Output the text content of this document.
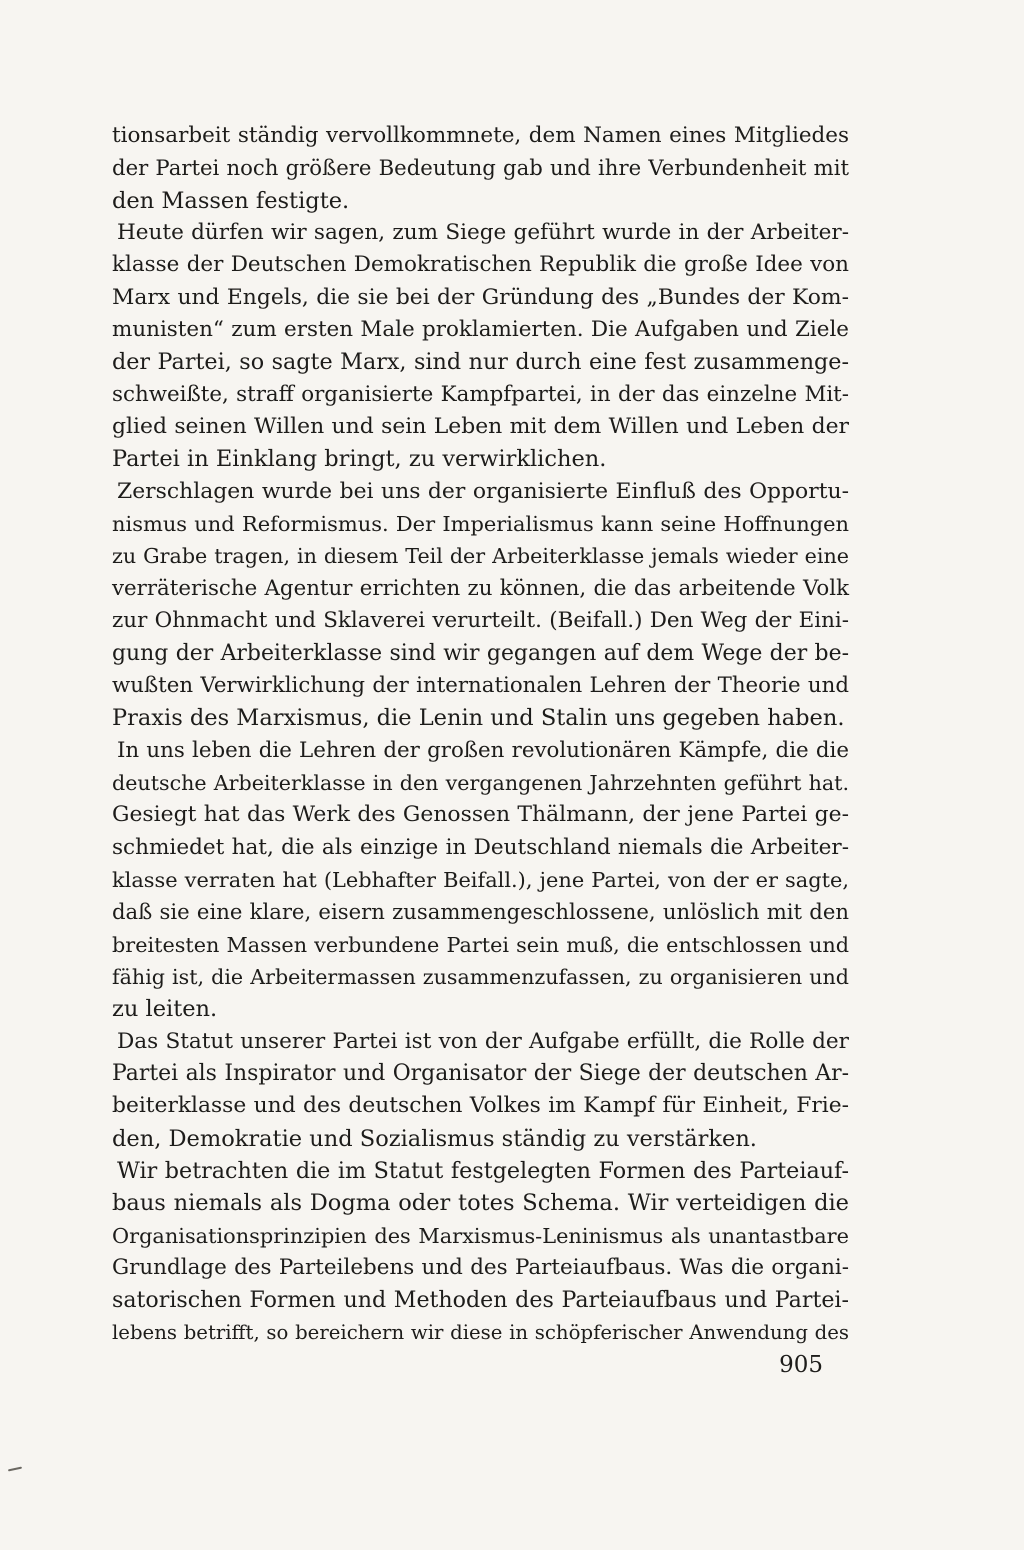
tionsarbeit ständig vervollkommnete, dem Namen eines Mitgliedes
der Partei noch größere Bedeutung gab und ihre Verbundenheit mit
den Massen festigte.
Heute dürfen wir sagen, zum Siege geführt wurde in der Arbeiter-
klasse der Deutschen Demokratischen Republik die große Idee von
Marx und Engels, die sie bei der Gründung des „Bundes der Kom-
munisten“ zum ersten Male proklamierten. Die Aufgaben und Ziele
der Partei, so sagte Marx, sind nur durch eine fest zusammenge-
schweißte, straff organisierte Kampfpartei, in der das einzelne Mit-
glied seinen Willen und sein Leben mit dem Willen und Leben der
Partei in Einklang bringt, zu verwirklichen.
Zerschlagen wurde bei uns der organisierte Einfluß des Opportu-
nismus und Reformismus. Der Imperialismus kann seine Hoffnungen
zu Grabe tragen, in diesem Teil der Arbeiterklasse jemals wieder eine
verräterische Agentur errichten zu können, die das arbeitende Volk
zur Ohnmacht und Sklaverei verurteilt. (Beifall.) Den Weg der Eini-
gung der Arbeiterklasse sind wir gegangen auf dem Wege der be-
wußten Verwirklichung der internationalen Lehren der Theorie und
Praxis des Marxismus, die Lenin und Stalin uns gegeben haben.
In uns leben die Lehren der großen revolutionären Kämpfe, die die
deutsche Arbeiterklasse in den vergangenen Jahrzehnten geführt hat.
Gesiegt hat das Werk des Genossen Thälmann, der jene Partei ge-
schmiedet hat, die als einzige in Deutschland niemals die Arbeiter-
klasse verraten hat (Lebhafter Beifall.), jene Partei, von der er sagte,
daß sie eine klare, eisern zusammengeschlossene, unlöslich mit den
breitesten Massen verbundene Partei sein muß, die entschlossen und
fähig ist, die Arbeitermassen zusammenzufassen, zu organisieren und
zu leiten.
Das Statut unserer Partei ist von der Aufgabe erfüllt, die Rolle der
Partei als Inspirator und Organisator der Siege der deutschen Ar-
beiterklasse und des deutschen Volkes im Kampf für Einheit, Frie-
den, Demokratie und Sozialismus ständig zu verstärken.
Wir betrachten die im Statut festgelegten Formen des Parteiauf-
baus niemals als Dogma oder totes Schema. Wir verteidigen die
Organisationsprinzipien des Marxismus-Leninismus als unantastbare
Grundlage des Parteilebens und des Parteiaufbaus. Was die organi-
satorischen Formen und Methoden des Parteiaufbaus und Partei-
lebens betrifft, so bereichern wir diese in schöpferischer Anwendung des
905
